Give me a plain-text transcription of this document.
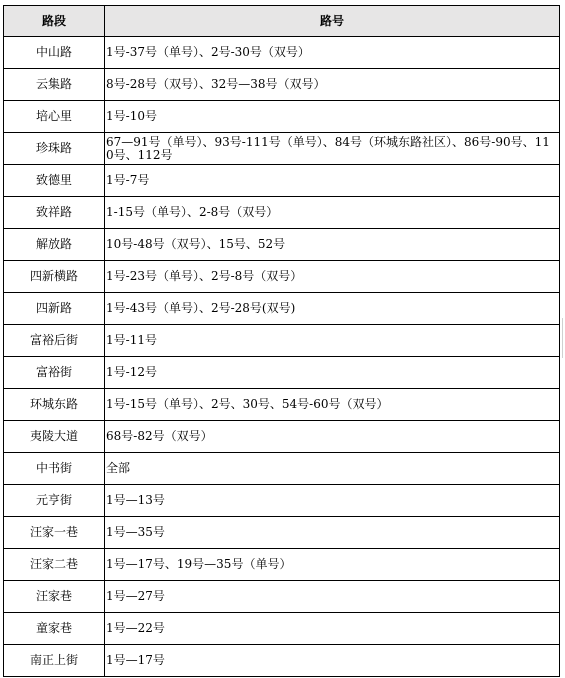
路段	路号
中山路	1号-37号（单号）、2号-30号（双号）
云集路	8号-28号（双号）、32号—38号（双号）
培心里	1号-10号
珍珠路	67—91号（单号）、93号-111号（单号）、84号（环城东路社区）、86号-90号、110号、112号
致德里	1号-7号
致祥路	1-15号（单号）、2-8号（双号）
解放路	10号-48号（双号）、15号、52号
四新横路	1号-23号（单号）、2号-8号（双号）
四新路	1号-43号（单号）、2号-28号(双号)
富裕后街	1号-11号
富裕街	1号-12号
环城东路	1号-15号（单号）、2号、30号、54号-60号（双号）
夷陵大道	68号-82号（双号）
中书街	全部
元亨街	1号—13号
汪家一巷	1号—35号
汪家二巷	1号—17号、19号—35号（单号）
汪家巷	1号—27号
童家巷	1号—22号
南正上街	1号—17号
